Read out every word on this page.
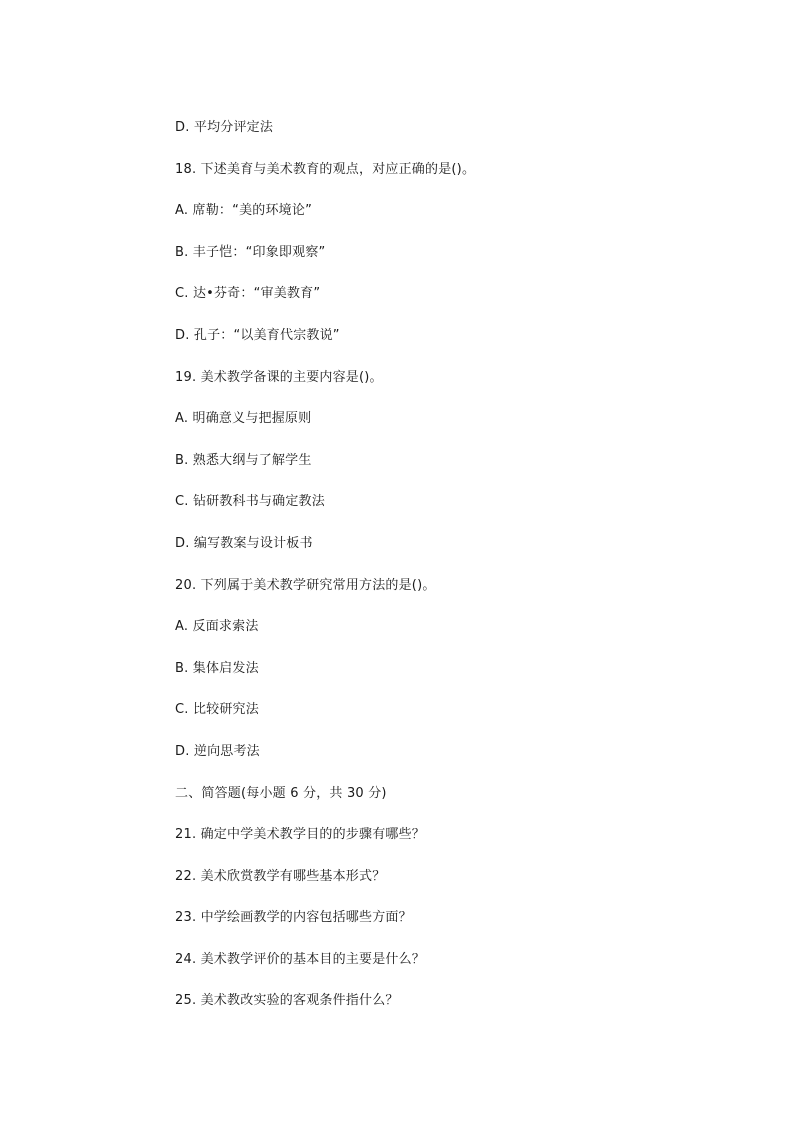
D. 平均分评定法
18. 下述美育与美术教育的观点，对应正确的是()。
A. 席勒：“美的环境论”
B. 丰子恺：“印象即观察”
C. 达•芬奇：“审美教育”
D. 孔子：“以美育代宗教说”
19. 美术教学备课的主要内容是()。
A. 明确意义与把握原则
B. 熟悉大纲与了解学生
C. 钻研教科书与确定教法
D. 编写教案与设计板书
20. 下列属于美术教学研究常用方法的是()。
A. 反面求索法
B. 集体启发法
C. 比较研究法
D. 逆向思考法
二、简答题(每小题 6 分，共 30 分)
21. 确定中学美术教学目的的步骤有哪些？
22. 美术欣赏教学有哪些基本形式？
23. 中学绘画教学的内容包括哪些方面？
24. 美术教学评价的基本目的主要是什么？
25. 美术教改实验的客观条件指什么？
